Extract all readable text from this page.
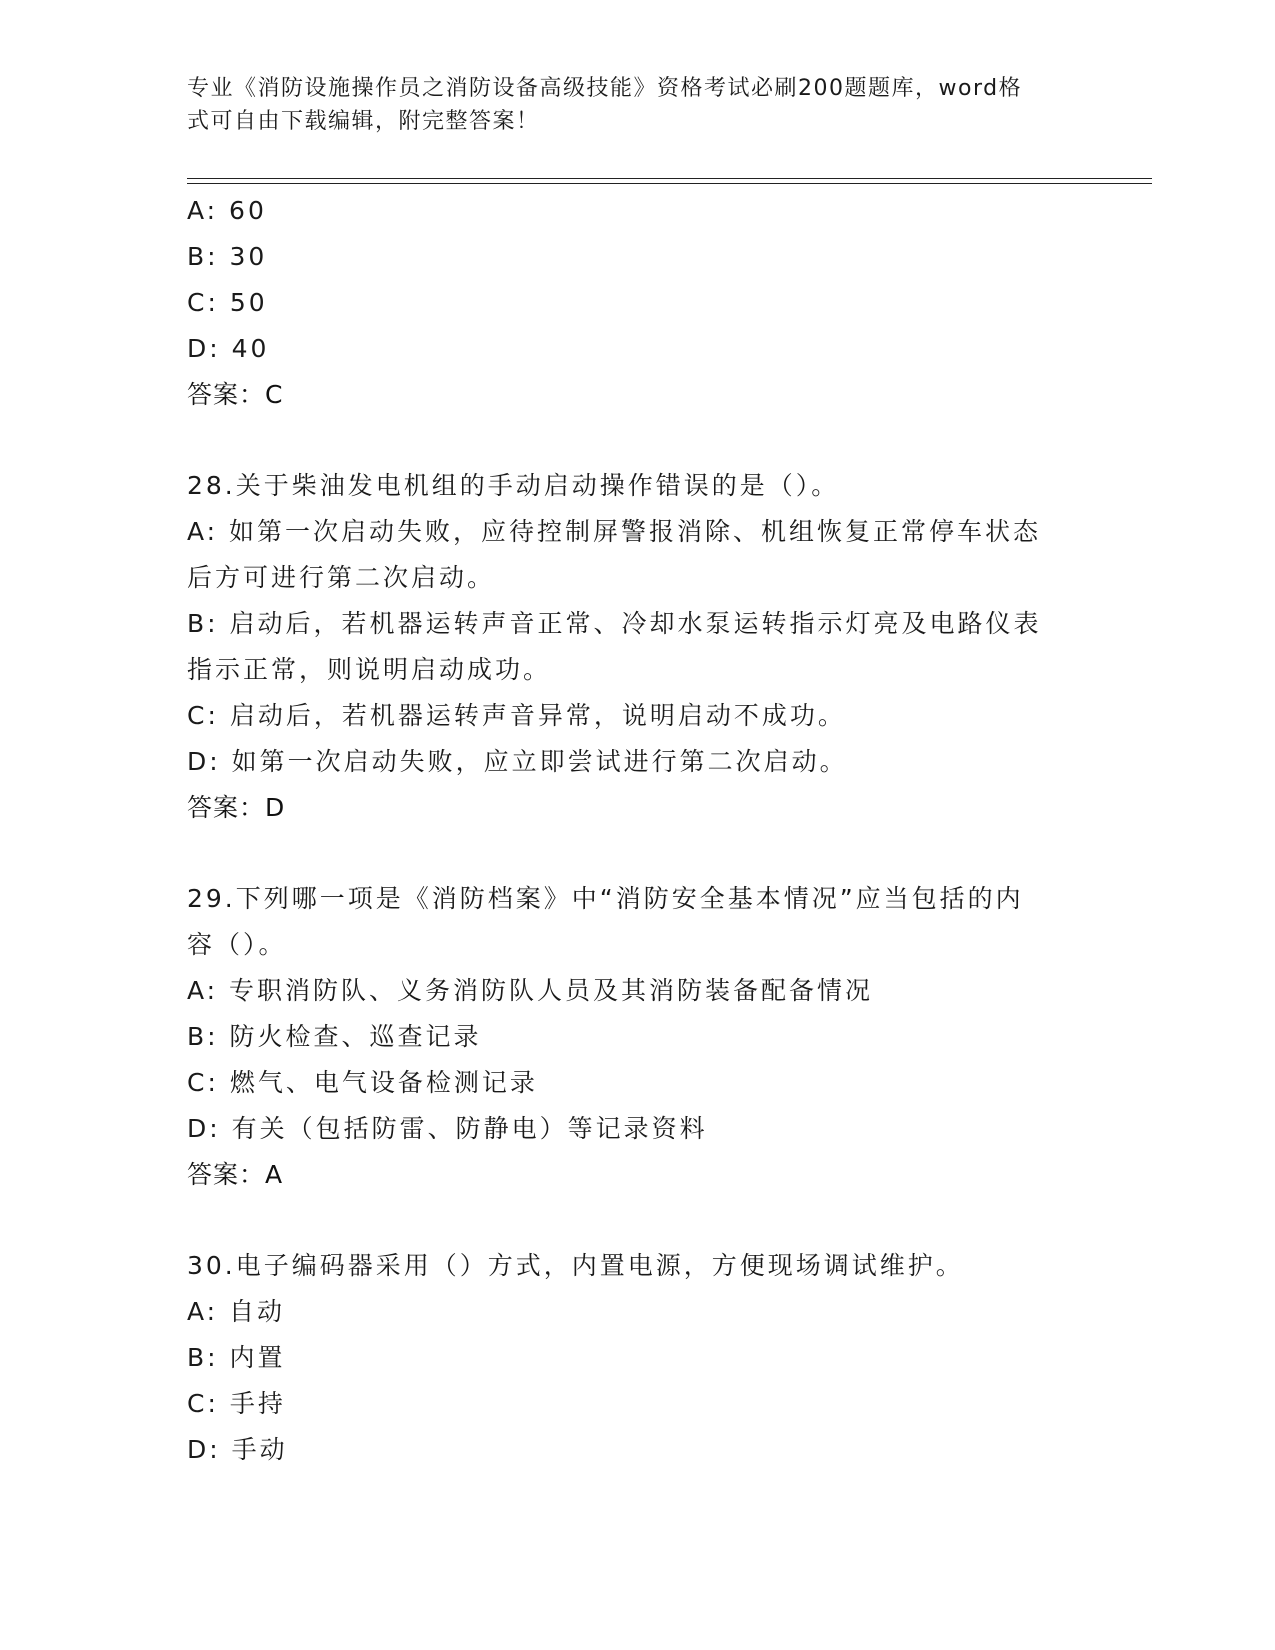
专业《消防设施操作员之消防设备高级技能》资格考试必刷200题题库，word格
式可自由下载编辑，附完整答案！
A: 60
B: 30
C: 50
D: 40
答案：C
28.关于柴油发电机组的手动启动操作错误的是（）。
A: 如第一次启动失败，应待控制屏警报消除、机组恢复正常停车状态
后方可进行第二次启动。
B: 启动后，若机器运转声音正常、冷却水泵运转指示灯亮及电路仪表
指示正常，则说明启动成功。
C: 启动后，若机器运转声音异常，说明启动不成功。
D: 如第一次启动失败，应立即尝试进行第二次启动。
答案：D
29.下列哪一项是《消防档案》中“消防安全基本情况”应当包括的内
容（）。
A: 专职消防队、义务消防队人员及其消防装备配备情况
B: 防火检查、巡查记录
C: 燃气、电气设备检测记录
D: 有关（包括防雷、防静电）等记录资料
答案：A
30.电子编码器采用（）方式，内置电源，方便现场调试维护。
A: 自动
B: 内置
C: 手持
D: 手动
